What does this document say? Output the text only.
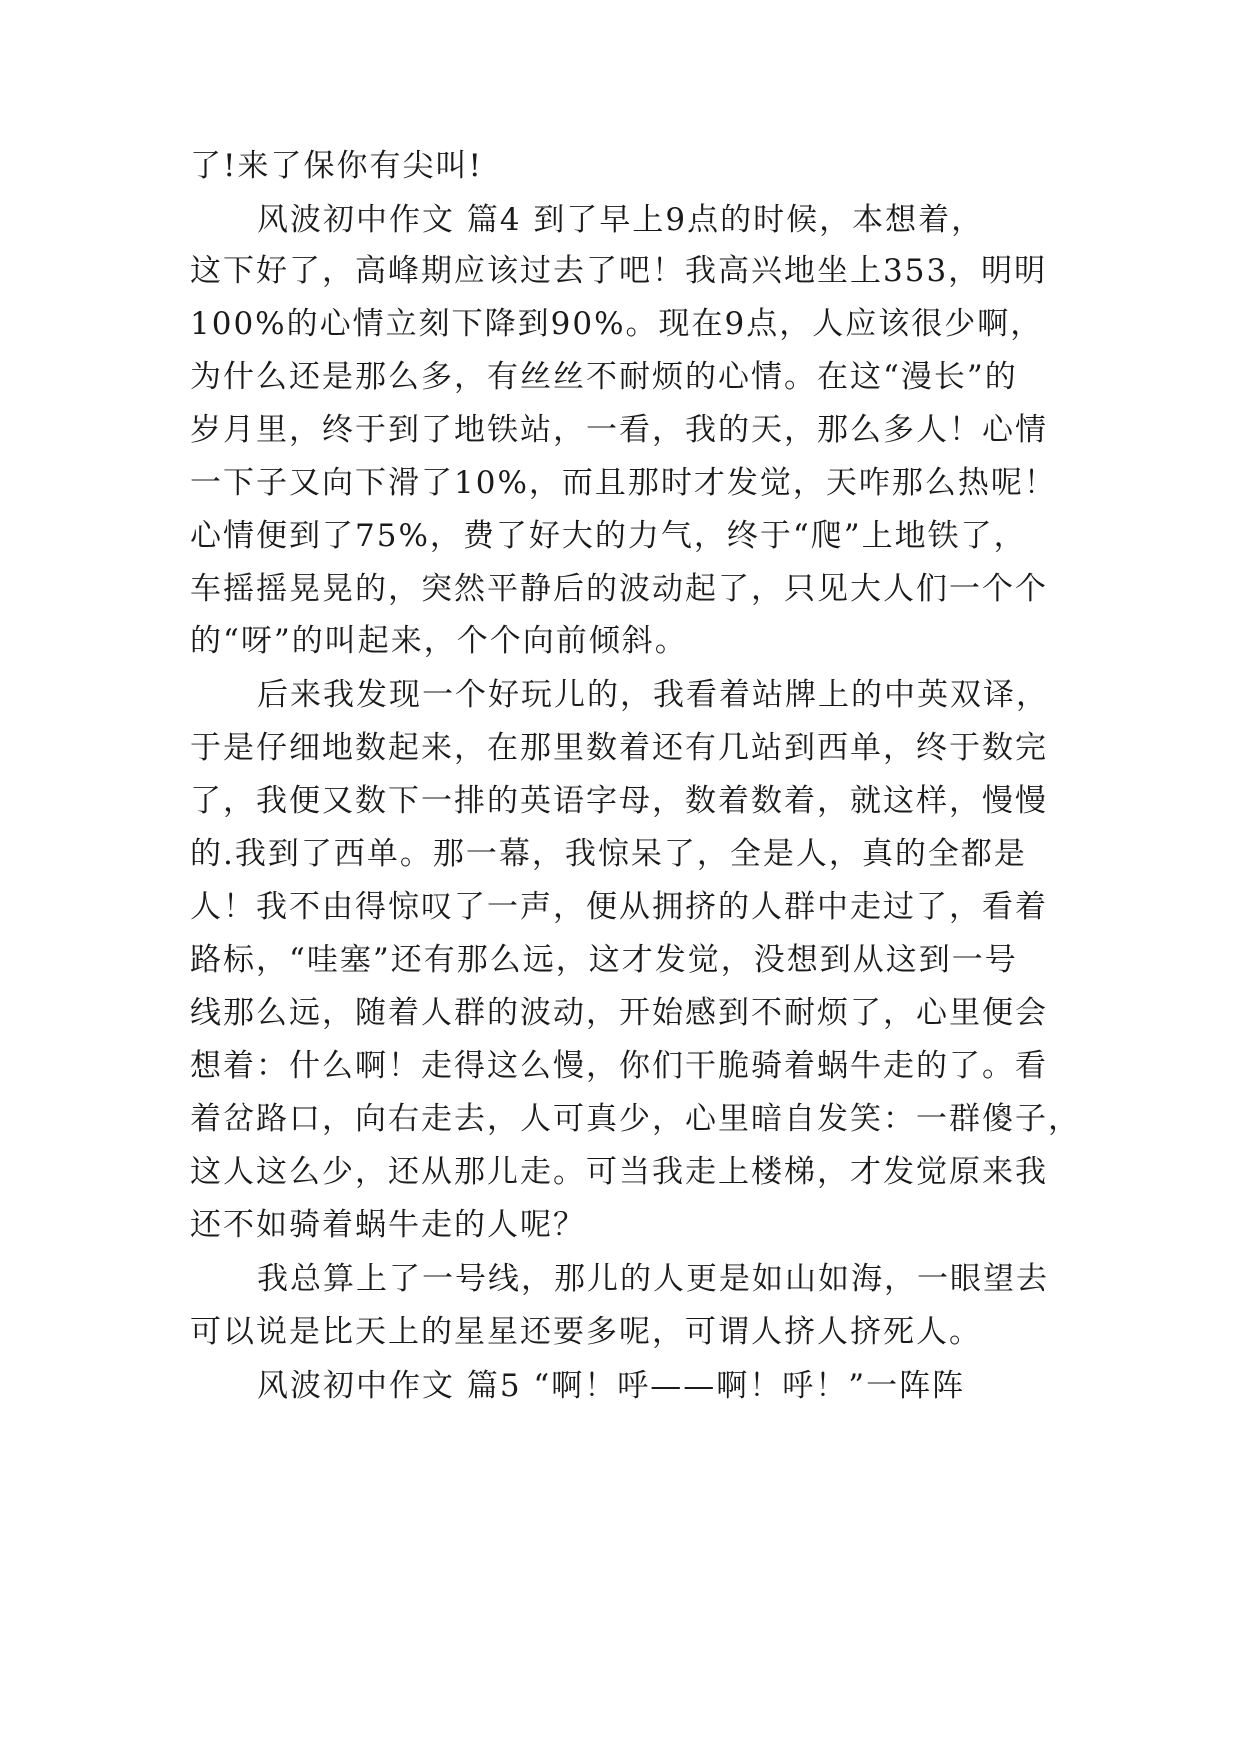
了!来了保你有尖叫!
风波初中作文 篇4 到了早上9点的时候，本想着，
这下好了，高峰期应该过去了吧！我高兴地坐上353，明明
100%的心情立刻下降到90%。现在9点，人应该很少啊，
为什么还是那么多，有丝丝不耐烦的心情。在这“漫长”的
岁月里，终于到了地铁站，一看，我的天，那么多人！心情
一下子又向下滑了10%，而且那时才发觉，天咋那么热呢！
心情便到了75%，费了好大的力气，终于“爬”上地铁了，
车摇摇晃晃的，突然平静后的波动起了，只见大人们一个个
的“呀”的叫起来，个个向前倾斜。
后来我发现一个好玩儿的，我看着站牌上的中英双译，
于是仔细地数起来，在那里数着还有几站到西单，终于数完
了，我便又数下一排的英语字母，数着数着，就这样，慢慢
的.我到了西单。那一幕，我惊呆了，全是人，真的全都是
人！我不由得惊叹了一声，便从拥挤的人群中走过了，看着
路标，“哇塞”还有那么远，这才发觉，没想到从这到一号
线那么远，随着人群的波动，开始感到不耐烦了，心里便会
想着：什么啊！走得这么慢，你们干脆骑着蜗牛走的了。看
着岔路口，向右走去，人可真少，心里暗自发笑：一群傻子，
这人这么少，还从那儿走。可当我走上楼梯，才发觉原来我
还不如骑着蜗牛走的人呢？
我总算上了一号线，那儿的人更是如山如海，一眼望去
可以说是比天上的星星还要多呢，可谓人挤人挤死人。
风波初中作文 篇5 “啊！呼——啊！呼！”一阵阵
